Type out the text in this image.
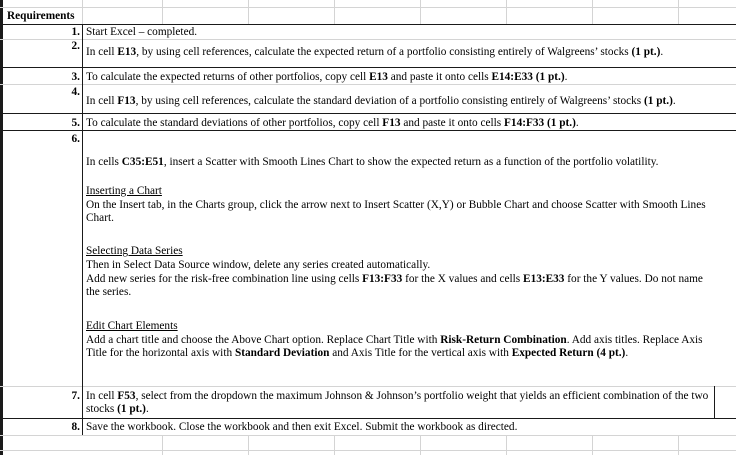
Requirements
1. Start Excel – completed.
2. In cell E13, by using cell references, calculate the expected return of a portfolio consisting entirely of Walgreens’ stocks (1 pt.).
3. To calculate the expected returns of other portfolios, copy cell E13 and paste it onto cells E14:E33 (1 pt.).
4.
In cell F13, by using cell references, calculate the standard deviation of a portfolio consisting entirely of Walgreens’ stocks (1 pt.).
5. To calculate the standard deviations of other portfolios, copy cell F13 and paste it onto cells F14:F33 (1 pt.).
6.
In cells C35:E51, insert a Scatter with Smooth Lines Chart to show the expected return as a function of the portfolio volatility.
Inserting a Chart
On the Insert tab, in the Charts group, click the arrow next to Insert Scatter (X,Y) or Bubble Chart and choose Scatter with Smooth Lines Chart.
Selecting Data Series
Then in Select Data Source window, delete any series created automatically.
Add new series for the risk-free combination line using cells F13:F33 for the X values and cells E13:E33 for the Y values. Do not name the series.
Edit Chart Elements
Add a chart title and choose the Above Chart option. Replace Chart Title with Risk-Return Combination. Add axis titles. Replace Axis Title for the horizontal axis with Standard Deviation and Axis Title for the vertical axis with Expected Return (4 pt.).
7. In cell F53, select from the dropdown the maximum Johnson & Johnson’s portfolio weight that yields an efficient combination of the two stocks (1 pt.).
8. Save the workbook. Close the workbook and then exit Excel. Submit the workbook as directed.
